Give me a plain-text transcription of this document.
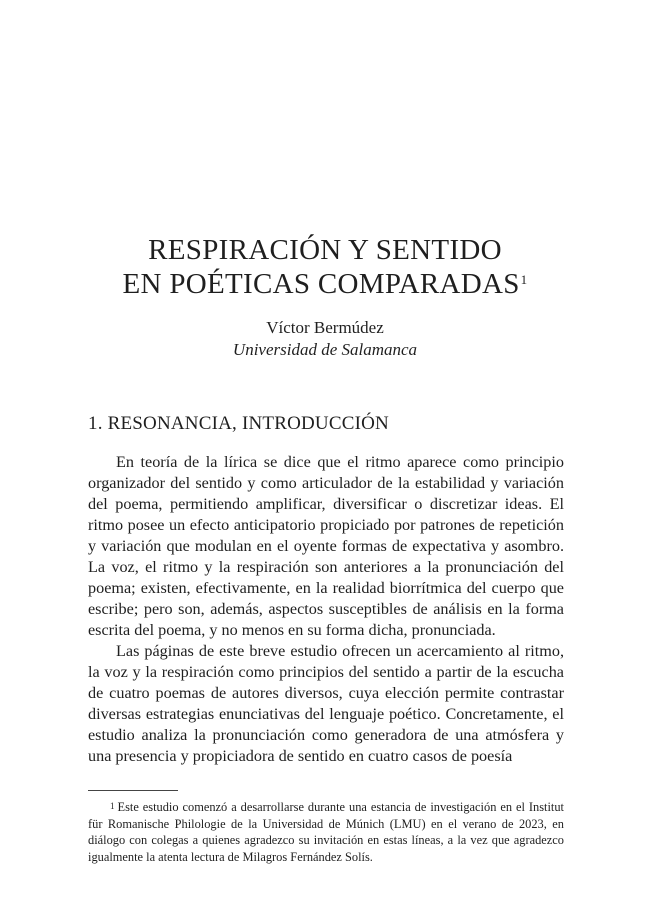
RESPIRACIÓN Y SENTIDO
EN POÉTICAS COMPARADAS$^1$
Víctor Bermúdez
Universidad de Salamanca
1. RESONANCIA, INTRODUCCIÓN

En teoría de la lírica se dice que el ritmo aparece como principio organizador del sentido y como articulador de la estabilidad y variación del poema, permitiendo amplificar, diversificar o discretizar ideas. El ritmo posee un efecto anticipatorio propiciado por patrones de repetición y variación que modulan en el oyente formas de expectativa y asombro. La voz, el ritmo y la respiración son anteriores a la pronunciación del poema; existen, efectivamente, en la realidad biorrítmica del cuerpo que escribe; pero son, además, aspectos susceptibles de análisis en la forma escrita del poema, y no menos en su forma dicha, pronunciada.

Las páginas de este breve estudio ofrecen un acercamiento al ritmo, la voz y la respiración como principios del sentido a partir de la escucha de cuatro poemas de autores diversos, cuya elección permite contrastar diversas estrategias enunciativas del lenguaje poético. Concretamente, el estudio analiza la pronunciación como generadora de una atmósfera y una presencia y propiciadora de sentido en cuatro casos de poesía

$^1$ Este estudio comenzó a desarrollarse durante una estancia de investigación en el Institut für Romanische Philologie de la Universidad de Múnich (LMU) en el verano de 2023, en diálogo con colegas a quienes agradezco su invitación en estas líneas, a la vez que agradezco igualmente la atenta lectura de Milagros Fernández Solís.
